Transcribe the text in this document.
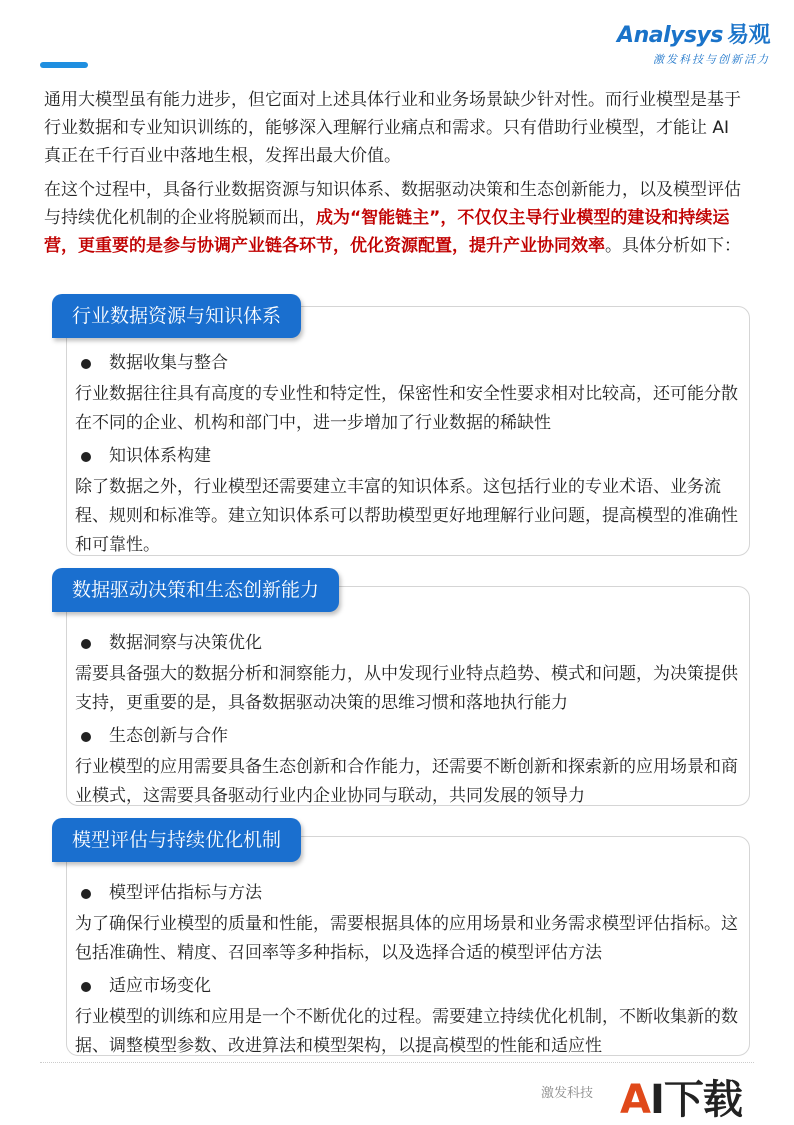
Analysys 易观
激发科技与创新活力

通用大模型虽有能力进步，但它面对上述具体行业和业务场景缺少针对性。而行业模型是基于行业数据和专业知识训练的，能够深入理解行业痛点和需求。只有借助行业模型，才能让 AI 真正在千行百业中落地生根，发挥出最大价值。

在这个过程中，具备行业数据资源与知识体系、数据驱动决策和生态创新能力，以及模型评估与持续优化机制的企业将脱颖而出，成为“智能链主”，不仅仅主导行业模型的建设和持续运营，更重要的是参与协调产业链各环节，优化资源配置，提升产业协同效率。具体分析如下：

数据收集与整合
行业数据往往具有高度的专业性和特定性，保密性和安全性要求相对比较高，还可能分散在不同的企业、机构和部门中，进一步增加了行业数据的稀缺性
知识体系构建
除了数据之外，行业模型还需要建立丰富的知识体系。这包括行业的专业术语、业务流程、规则和标准等。建立知识体系可以帮助模型更好地理解行业问题，提高模型的准确性和可靠性。
行业数据资源与知识体系
数据洞察与决策优化
需要具备强大的数据分析和洞察能力，从中发现行业特点趋势、模式和问题，为决策提供支持，更重要的是，具备数据驱动决策的思维习惯和落地执行能力
生态创新与合作
行业模型的应用需要具备生态创新和合作能力，还需要不断创新和探索新的应用场景和商业模式，这需要具备驱动行业内企业协同与联动，共同发展的领导力
数据驱动决策和生态创新能力
模型评估指标与方法
为了确保行业模型的质量和性能，需要根据具体的应用场景和业务需求模型评估指标。这包括准确性、精度、召回率等多种指标，以及选择合适的模型评估方法
适应市场变化
行业模型的训练和应用是一个不断优化的过程。需要建立持续优化机制，不断收集新的数据、调整模型参数、改进算法和模型架构，以提高模型的性能和适应性
模型评估与持续优化机制
激发科技 AI下载
